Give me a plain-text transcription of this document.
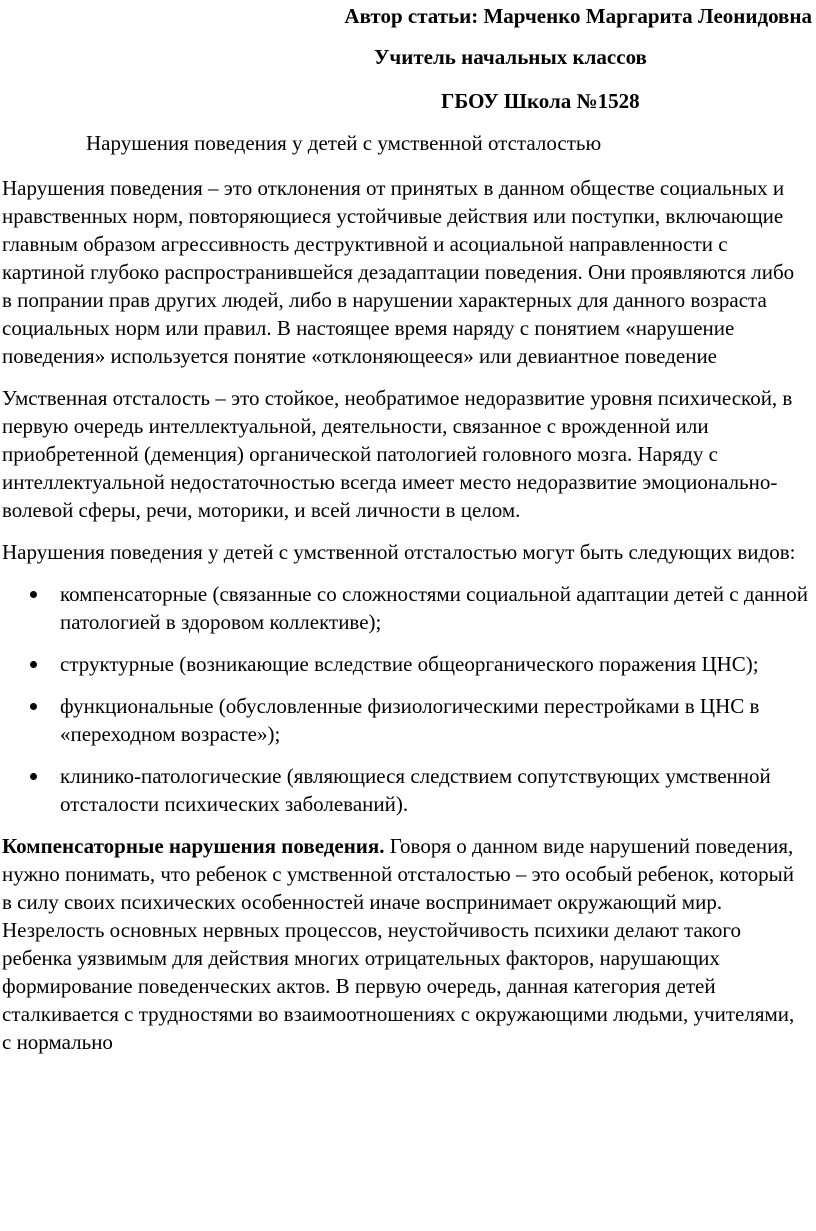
Автор статьи: Марченко Маргарита Леонидовна
Учитель начальных классов
ГБОУ Школа №1528
Нарушения поведения у детей с умственной отсталостью

Нарушения поведения – это отклонения от принятых в данном обществе социальных и нравственных норм, повторяющиеся устойчивые действия или поступки, включающие главным образом агрессивность деструктивной и асоциальной направленности с картиной глубоко распространившейся дезадаптации поведения. Они проявляются либо в попрании прав других людей, либо в нарушении характерных для данного возраста социальных норм или правил. В настоящее время наряду с понятием «нарушение поведения» используется понятие «отклоняющееся» или девиантное поведение

Умственная отсталость – это стойкое, необратимое недоразвитие уровня психической, в первую очередь интеллектуальной, деятельности, связанное с врожденной или приобретенной (деменция) органической патологией головного мозга. Наряду с интеллектуальной недостаточностью всегда имеет место недоразвитие эмоционально-волевой сферы, речи, моторики, и всей личности в целом.

Нарушения поведения у детей с умственной отсталостью могут быть следующих видов:

компенсаторные (связанные со сложностями социальной адаптации детей с данной патологией в здоровом коллективе);
структурные (возникающие вследствие общеорганического поражения ЦНС);
функциональные (обусловленные физиологическими перестройками в ЦНС в «переходном возрасте»);
клинико-патологические (являющиеся следствием сопутствующих умственной отсталости психических заболеваний).

Компенсаторные нарушения поведения. Говоря о данном виде нарушений поведения, нужно понимать, что ребенок с умственной отсталостью – это особый ребенок, который в силу своих психических особенностей иначе воспринимает окружающий мир. Незрелость основных нервных процессов, неустойчивость психики делают такого ребенка уязвимым для действия многих отрицательных факторов, нарушающих формирование поведенческих актов. В первую очередь, данная категория детей сталкивается с трудностями во взаимоотношениях с окружающими людьми, учителями, с нормально
